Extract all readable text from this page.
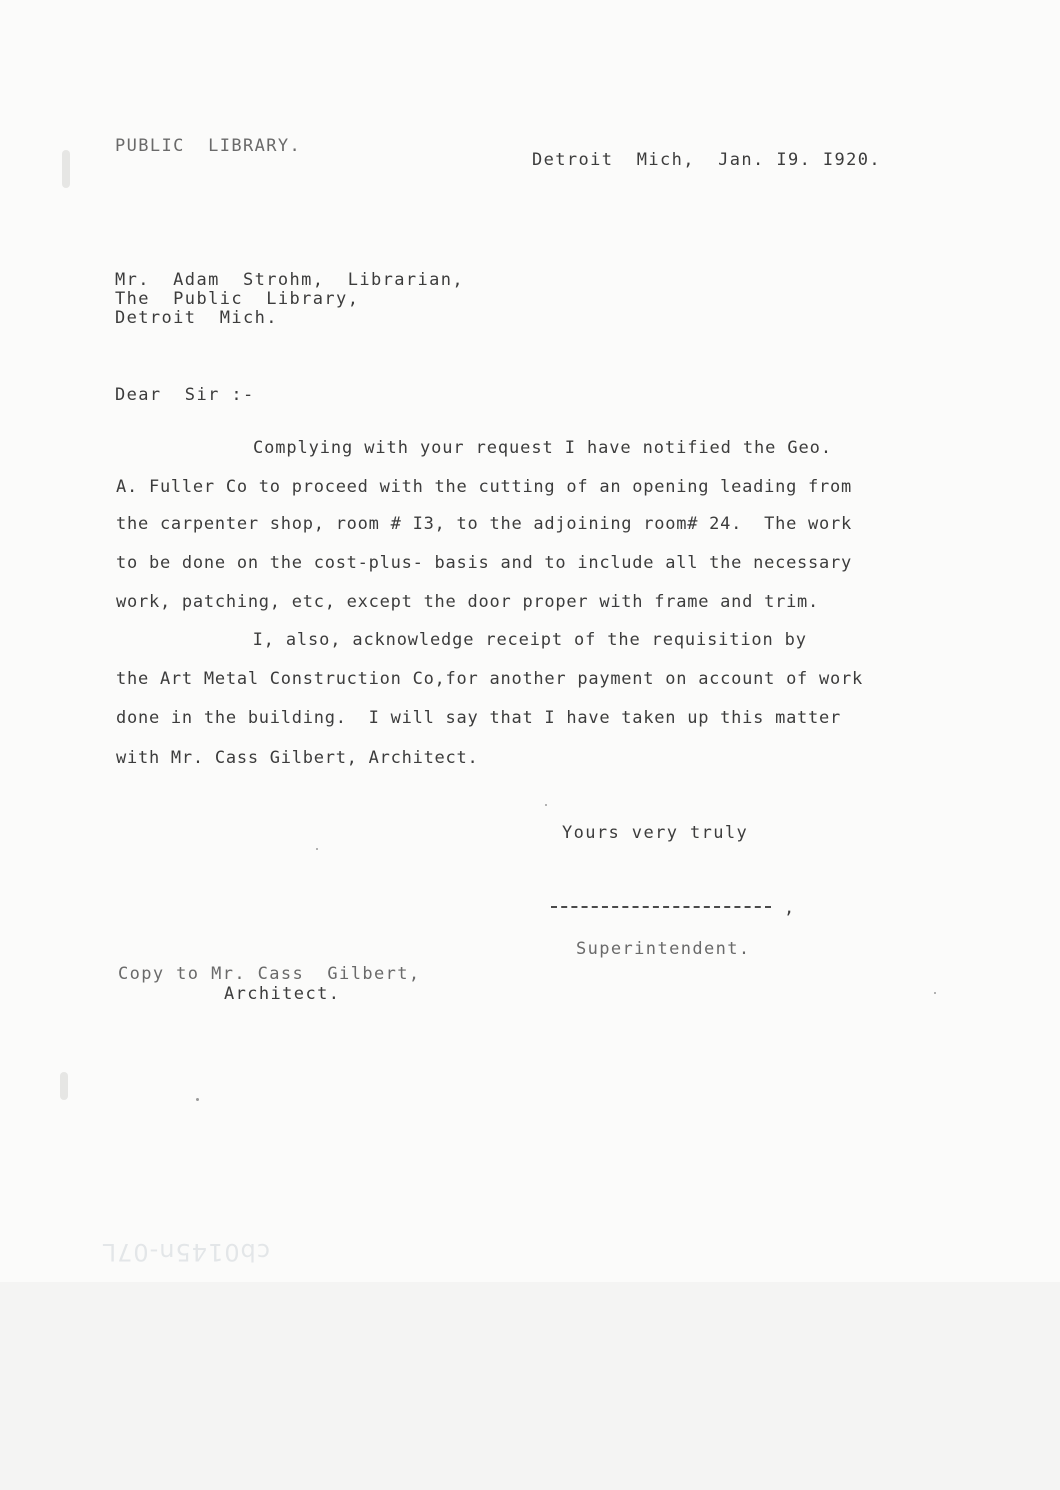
PUBLIC  LIBRARY.
Detroit  Mich,  Jan. I9. I920.
Mr.  Adam  Strohm,  Librarian,
The  Public  Library,
Detroit  Mich.
Dear  Sir :-
Complying with your request I have notified the Geo.
A. Fuller Co to proceed with the cutting of an opening leading from
the carpenter shop, room # I3, to the adjoining room# 24.  The work
to be done on the cost-plus- basis and to include all the necessary
work, patching, etc, except the door proper with frame and trim.
I, also, acknowledge receipt of the requisition by
the Art Metal Construction Co,for another payment on account of work
done in the building.  I will say that I have taken up this matter
with Mr. Cass Gilbert, Architect.
Yours very truly
,
Superintendent.
Copy to Mr. Cass  Gilbert,
Architect.
cb0145n-07L
